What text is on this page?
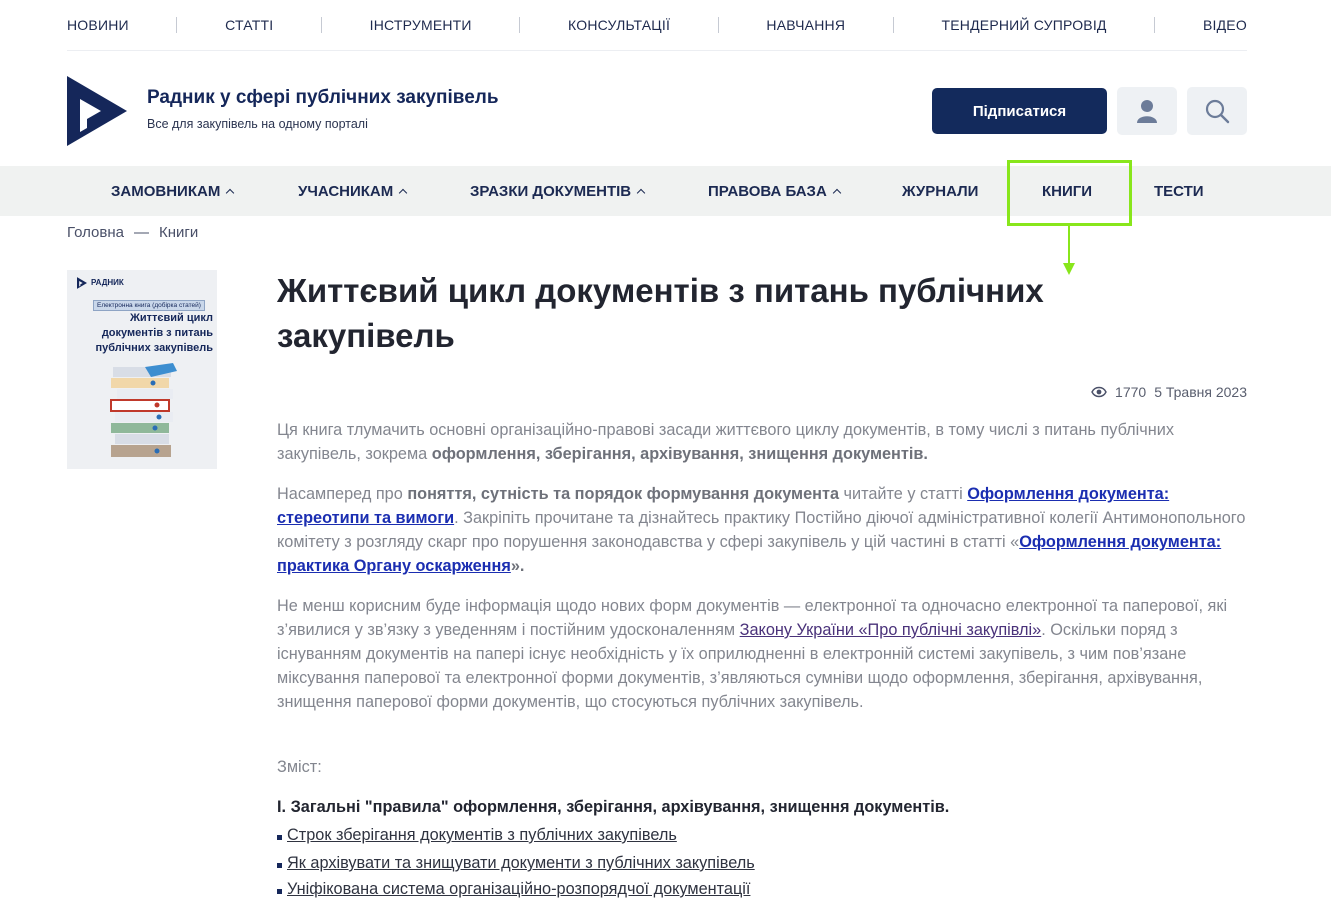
НОВИНИ	СТАТТІ	ІНСТРУМЕНТИ	КОНСУЛЬТАЦІЇ	НАВЧАННЯ	ТЕНДЕРНИЙ СУПРОВІД	ВІДЕО
Радник у сфері публічних закупівель
Все для закупівель на одному порталі
Підписатися
ЗАМОВНИКАМ	УЧАСНИКАМ	ЗРАЗКИ ДОКУМЕНТІВ	ПРАВОВА БАЗА	ЖУРНАЛИ	КНИГИ	ТЕСТИ
Головна — Книги
РАДНИК
Електронна книга (добірка статей)
Життєвий цикл документів з питань публічних закупівель
Життєвий цикл документів з питань публічних закупівель
1770 5 Травня 2023

Ця книга тлумачить основні організаційно-правові засади життєвого циклу документів, в тому числі з питань публічних закупівель, зокрема оформлення, зберігання, архівування, знищення документів.

Насамперед про поняття, сутність та порядок формування документа читайте у статті Оформлення документа: стереотипи та вимоги. Закріпіть прочитане та дізнайтесь практику Постійно діючої адміністративної колегії Антимонопольного комітету з розгляду скарг про порушення законодавства у сфері закупівель у цій частині в статті «Оформлення документа: практика Органу оскарження».

Не менш корисним буде інформація щодо нових форм документів — електронної та одночасно електронної та паперової, які з’явилися у зв’язку з уведенням і постійним удосконаленням Закону України «Про публічні закупівлі». Оскільки поряд з існуванням документів на папері існує необхідність у їх оприлюдненні в електронній системі закупівель, з чим пов’язане міксування паперової та електронної форми документів, з’являються сумніви щодо оформлення, зберігання, архівування, знищення паперової форми документів, що стосуються публічних закупівель.

Зміст:

І. Загальні "правила" оформлення, зберігання, архівування, знищення документів.
Строк зберігання документів з публічних закупівель
Як архівувати та знищувати документи з публічних закупівель
Уніфікована система організаційно-розпорядчої документації
